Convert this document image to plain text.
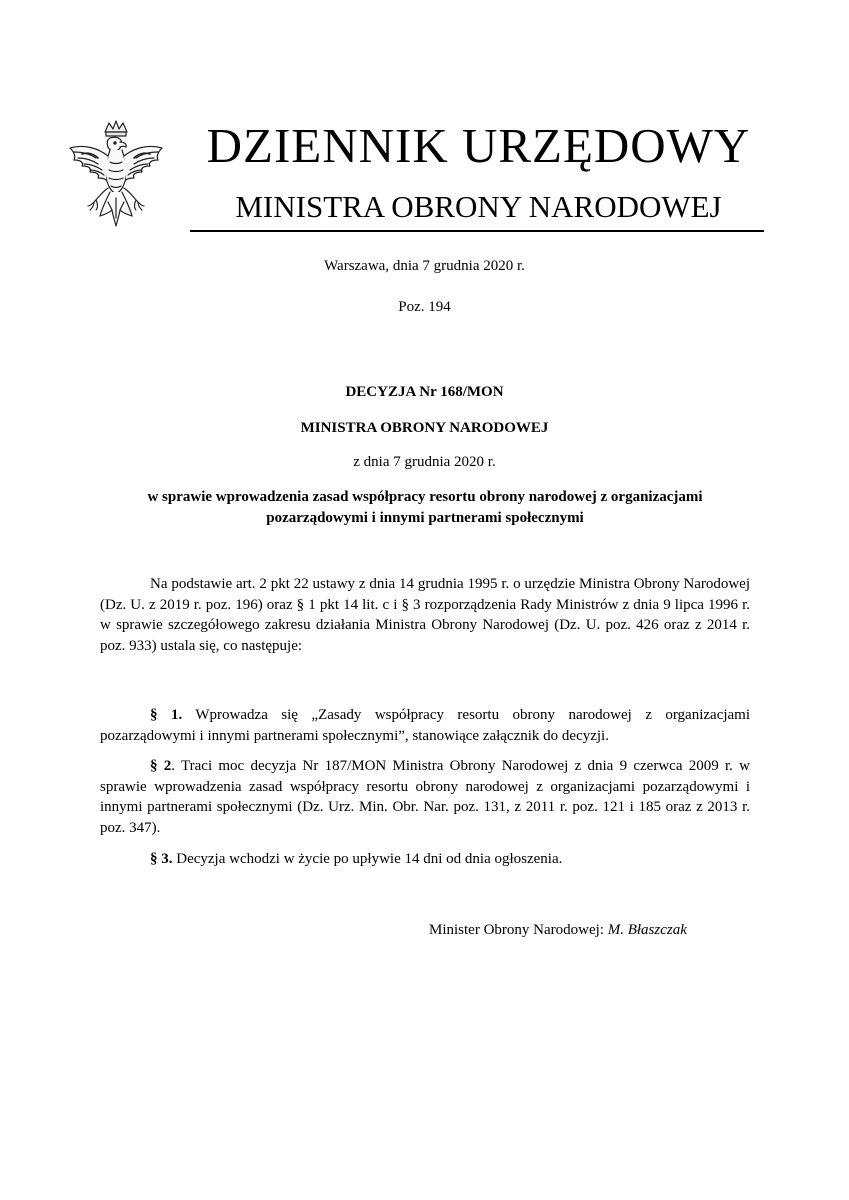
DZIENNIK URZĘDOWY
MINISTRA OBRONY NARODOWEJ
Warszawa, dnia 7 grudnia 2020 r.
Poz. 194
DECYZJA Nr 168/MON
MINISTRA OBRONY NARODOWEJ
z dnia 7 grudnia 2020 r.
w sprawie wprowadzenia zasad współpracy resortu obrony narodowej z organizacjami pozarządowymi i innymi partnerami społecznymi
Na podstawie art. 2 pkt 22 ustawy z dnia 14 grudnia 1995 r. o urzędzie Ministra Obrony Narodowej (Dz. U. z 2019 r. poz. 196) oraz § 1 pkt 14 lit. c i § 3 rozporządzenia Rady Ministrów z dnia 9 lipca 1996 r. w sprawie szczegółowego zakresu działania Ministra Obrony Narodowej (Dz. U. poz. 426 oraz z 2014 r. poz. 933) ustala się, co następuje:
§ 1. Wprowadza się „Zasady współpracy resortu obrony narodowej z organizacjami pozarządowymi i innymi partnerami społecznymi”, stanowiące załącznik do decyzji.
§ 2. Traci moc decyzja Nr 187/MON Ministra Obrony Narodowej z dnia 9 czerwca 2009 r. w sprawie wprowadzenia zasad współpracy resortu obrony narodowej z organizacjami pozarządowymi i innymi partnerami społecznymi (Dz. Urz. Min. Obr. Nar. poz. 131, z 2011 r. poz. 121 i 185 oraz z 2013 r. poz. 347).
§ 3. Decyzja wchodzi w życie po upływie 14 dni od dnia ogłoszenia.
Minister Obrony Narodowej: M. Błaszczak
